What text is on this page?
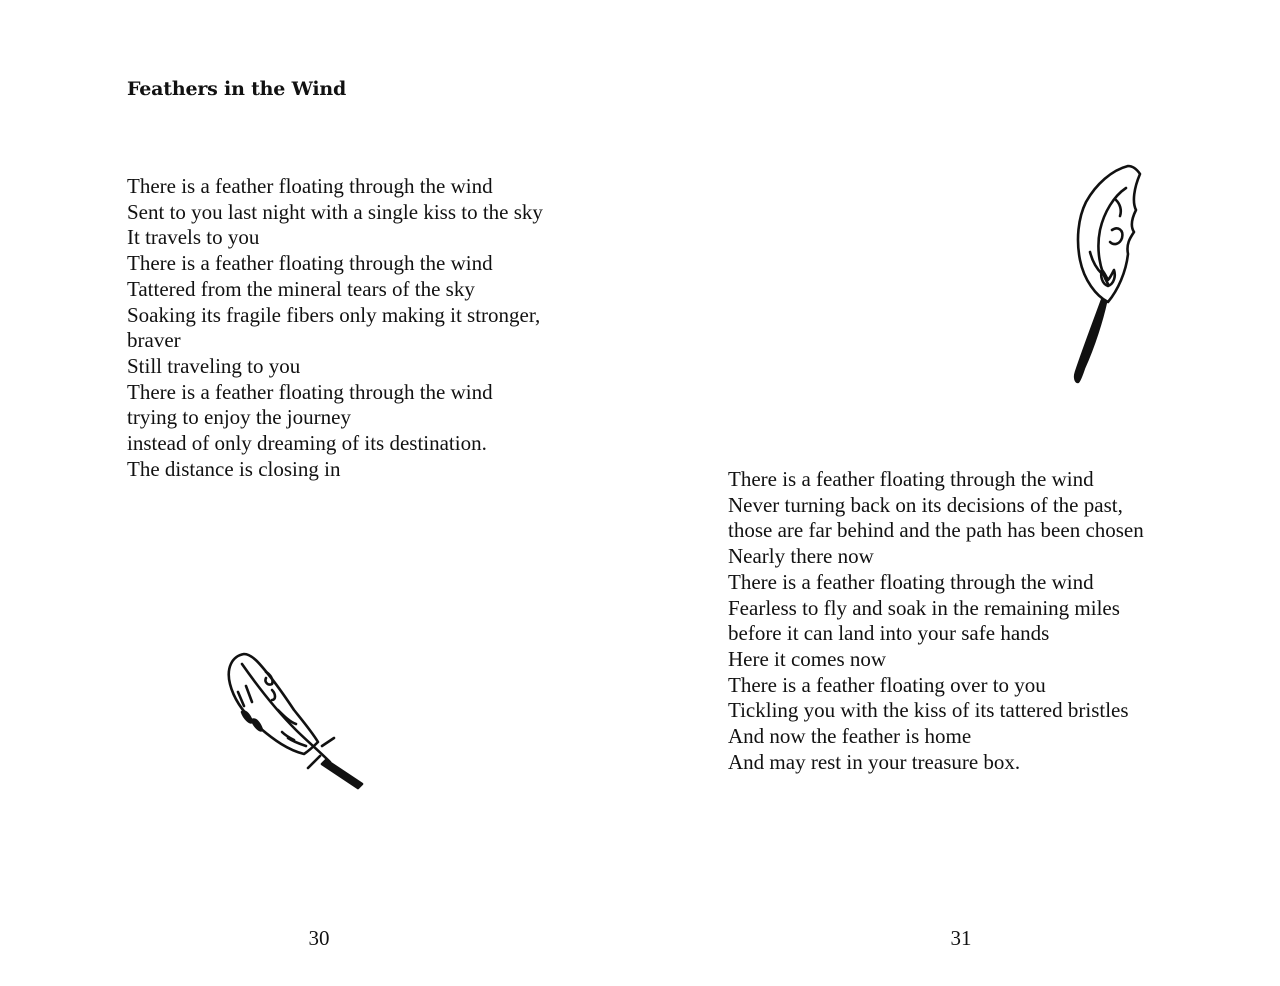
Feathers in the Wind
There is a feather floating through the wind
Sent to you last night with a single kiss to the sky
It travels to you
There is a feather floating through the wind
Tattered from the mineral tears of the sky
Soaking its fragile fibers only making it stronger,
braver
Still traveling to you
There is a feather floating through the wind
trying to enjoy the journey
instead of only dreaming of its destination.
The distance is closing in
30
There is a feather floating through the wind
Never turning back on its decisions of the past,
those are far behind and the path has been chosen
Nearly there now
There is a feather floating through the wind
Fearless to fly and soak in the remaining miles
before it can land into your safe hands
Here it comes now
There is a feather floating over to you
Tickling you with the kiss of its tattered bristles
And now the feather is home
And may rest in your treasure box.
31
